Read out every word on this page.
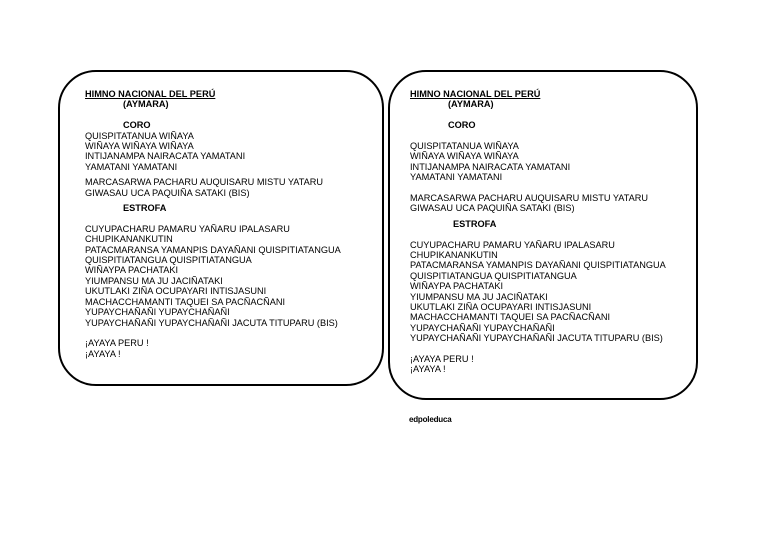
HIMNO NACIONAL DEL PERÚ
(AYMARA)
CORO
QUISPITATANUA WIÑAYA
WIÑAYA WIÑAYA WIÑAYA
INTIJANAMPA NAIRACATA YAMATANI
YAMATANI YAMATANI
MARCASARWA PACHARU AUQUISARU MISTU YATARU
GIWASAU UCA PAQUIÑA SATAKI (BIS)
ESTROFA
CUYUPACHARU PAMARU YAÑARU IPALASARU
CHUPIKANANKUTIN
PATACMARANSA YAMANPIS DAYAÑANI QUISPITIATANGUA
QUISPITIATANGUA QUISPITIATANGUA
WIÑAYPA PACHATAKI
YIUMPANSU MA JU JACIÑATAKI
UKUTLAKI ZIÑA OCUPAYARI INTISJASUNI
MACHACCHAMANTI TAQUEI SA PACÑACÑANI
YUPAYCHAÑAÑI YUPAYCHAÑAÑI
YUPAYCHAÑAÑI YUPAYCHAÑAÑI JACUTA TITUPARU (BIS)
¡AYAYA PERU !
¡AYAYA !
HIMNO NACIONAL DEL PERÚ
(AYMARA)
CORO
QUISPITATANUA WIÑAYA
WIÑAYA WIÑAYA WIÑAYA
INTIJANAMPA NAIRACATA YAMATANI
YAMATANI YAMATANI
MARCASARWA PACHARU AUQUISARU MISTU YATARU
GIWASAU UCA PAQUIÑA SATAKI (BIS)
ESTROFA
CUYUPACHARU PAMARU YAÑARU IPALASARU
CHUPIKANANKUTIN
PATACMARANSA YAMANPIS DAYAÑANI QUISPITIATANGUA
QUISPITIATANGUA QUISPITIATANGUA
WIÑAYPA PACHATAKI
YIUMPANSU MA JU JACIÑATAKI
UKUTLAKI ZIÑA OCUPAYARI INTISJASUNI
MACHACCHAMANTI TAQUEI SA PACÑACÑANI
YUPAYCHAÑAÑI YUPAYCHAÑAÑI
YUPAYCHAÑAÑI YUPAYCHAÑAÑI JACUTA TITUPARU (BIS)
¡AYAYA PERU !
¡AYAYA !
edpoleduca
